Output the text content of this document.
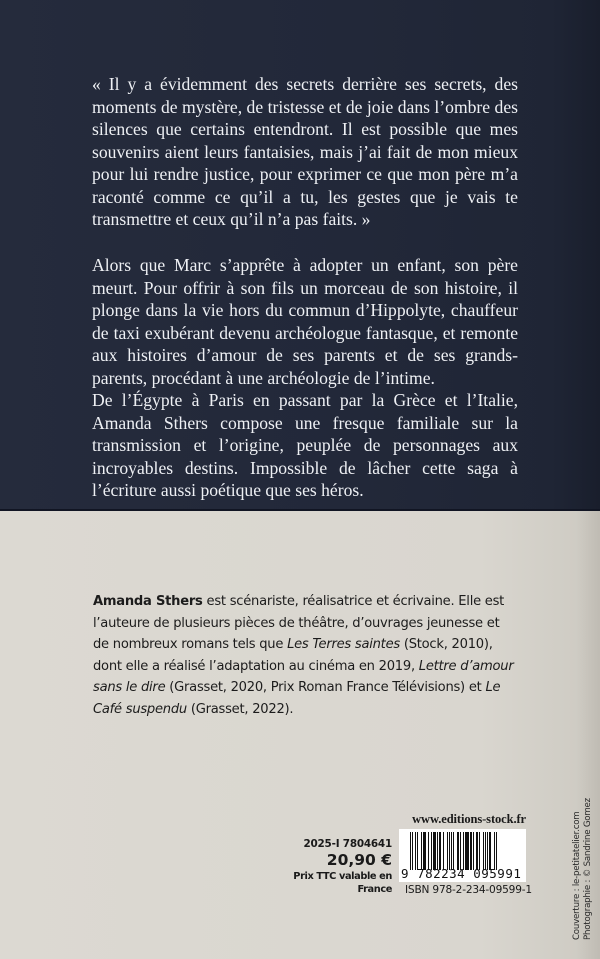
« Il y a évidemment des secrets derrière ses secrets, des moments de mystère, de tristesse et de joie dans l’ombre des silences que certains entendront. Il est possible que mes souvenirs aient leurs fantaisies, mais j’ai fait de mon mieux pour lui rendre justice, pour exprimer ce que mon père m’a raconté comme ce qu’il a tu, les gestes que je vais te transmettre et ceux qu’il n’a pas faits. »

Alors que Marc s’apprête à adopter un enfant, son père meurt. Pour offrir à son fils un morceau de son histoire, il plonge dans la vie hors du commun d’Hippolyte, chauffeur de taxi exubérant devenu archéologue fantasque, et remonte aux histoires d’amour de ses parents et de ses grands-parents, procédant à une archéologie de l’intime.

De l’Égypte à Paris en passant par la Grèce et l’Italie, Amanda Sthers compose une fresque familiale sur la transmission et l’origine, peuplée de personnages aux incroyables destins. Impossible de lâcher cette saga à l’écriture aussi poétique que ses héros.

Amanda Sthers est scénariste, réalisatrice et écrivaine. Elle est l’auteure de plusieurs pièces de théâtre, d’ouvrages jeunesse et de nombreux romans tels que Les Terres saintes (Stock, 2010), dont elle a réalisé l’adaptation au cinéma en 2019, Lettre d’amour sans le dire (Grasset, 2020, Prix Roman France Télévisions) et Le Café suspendu (Grasset, 2022).
www.editions-stock.fr
9 782234 095991
ISBN 978-2-234-09599-1
2025-I 7804641
20,90 €
Prix TTC valable en France	Couverture : le-petitatelier.com Photographie : © Sandrine Gomez
